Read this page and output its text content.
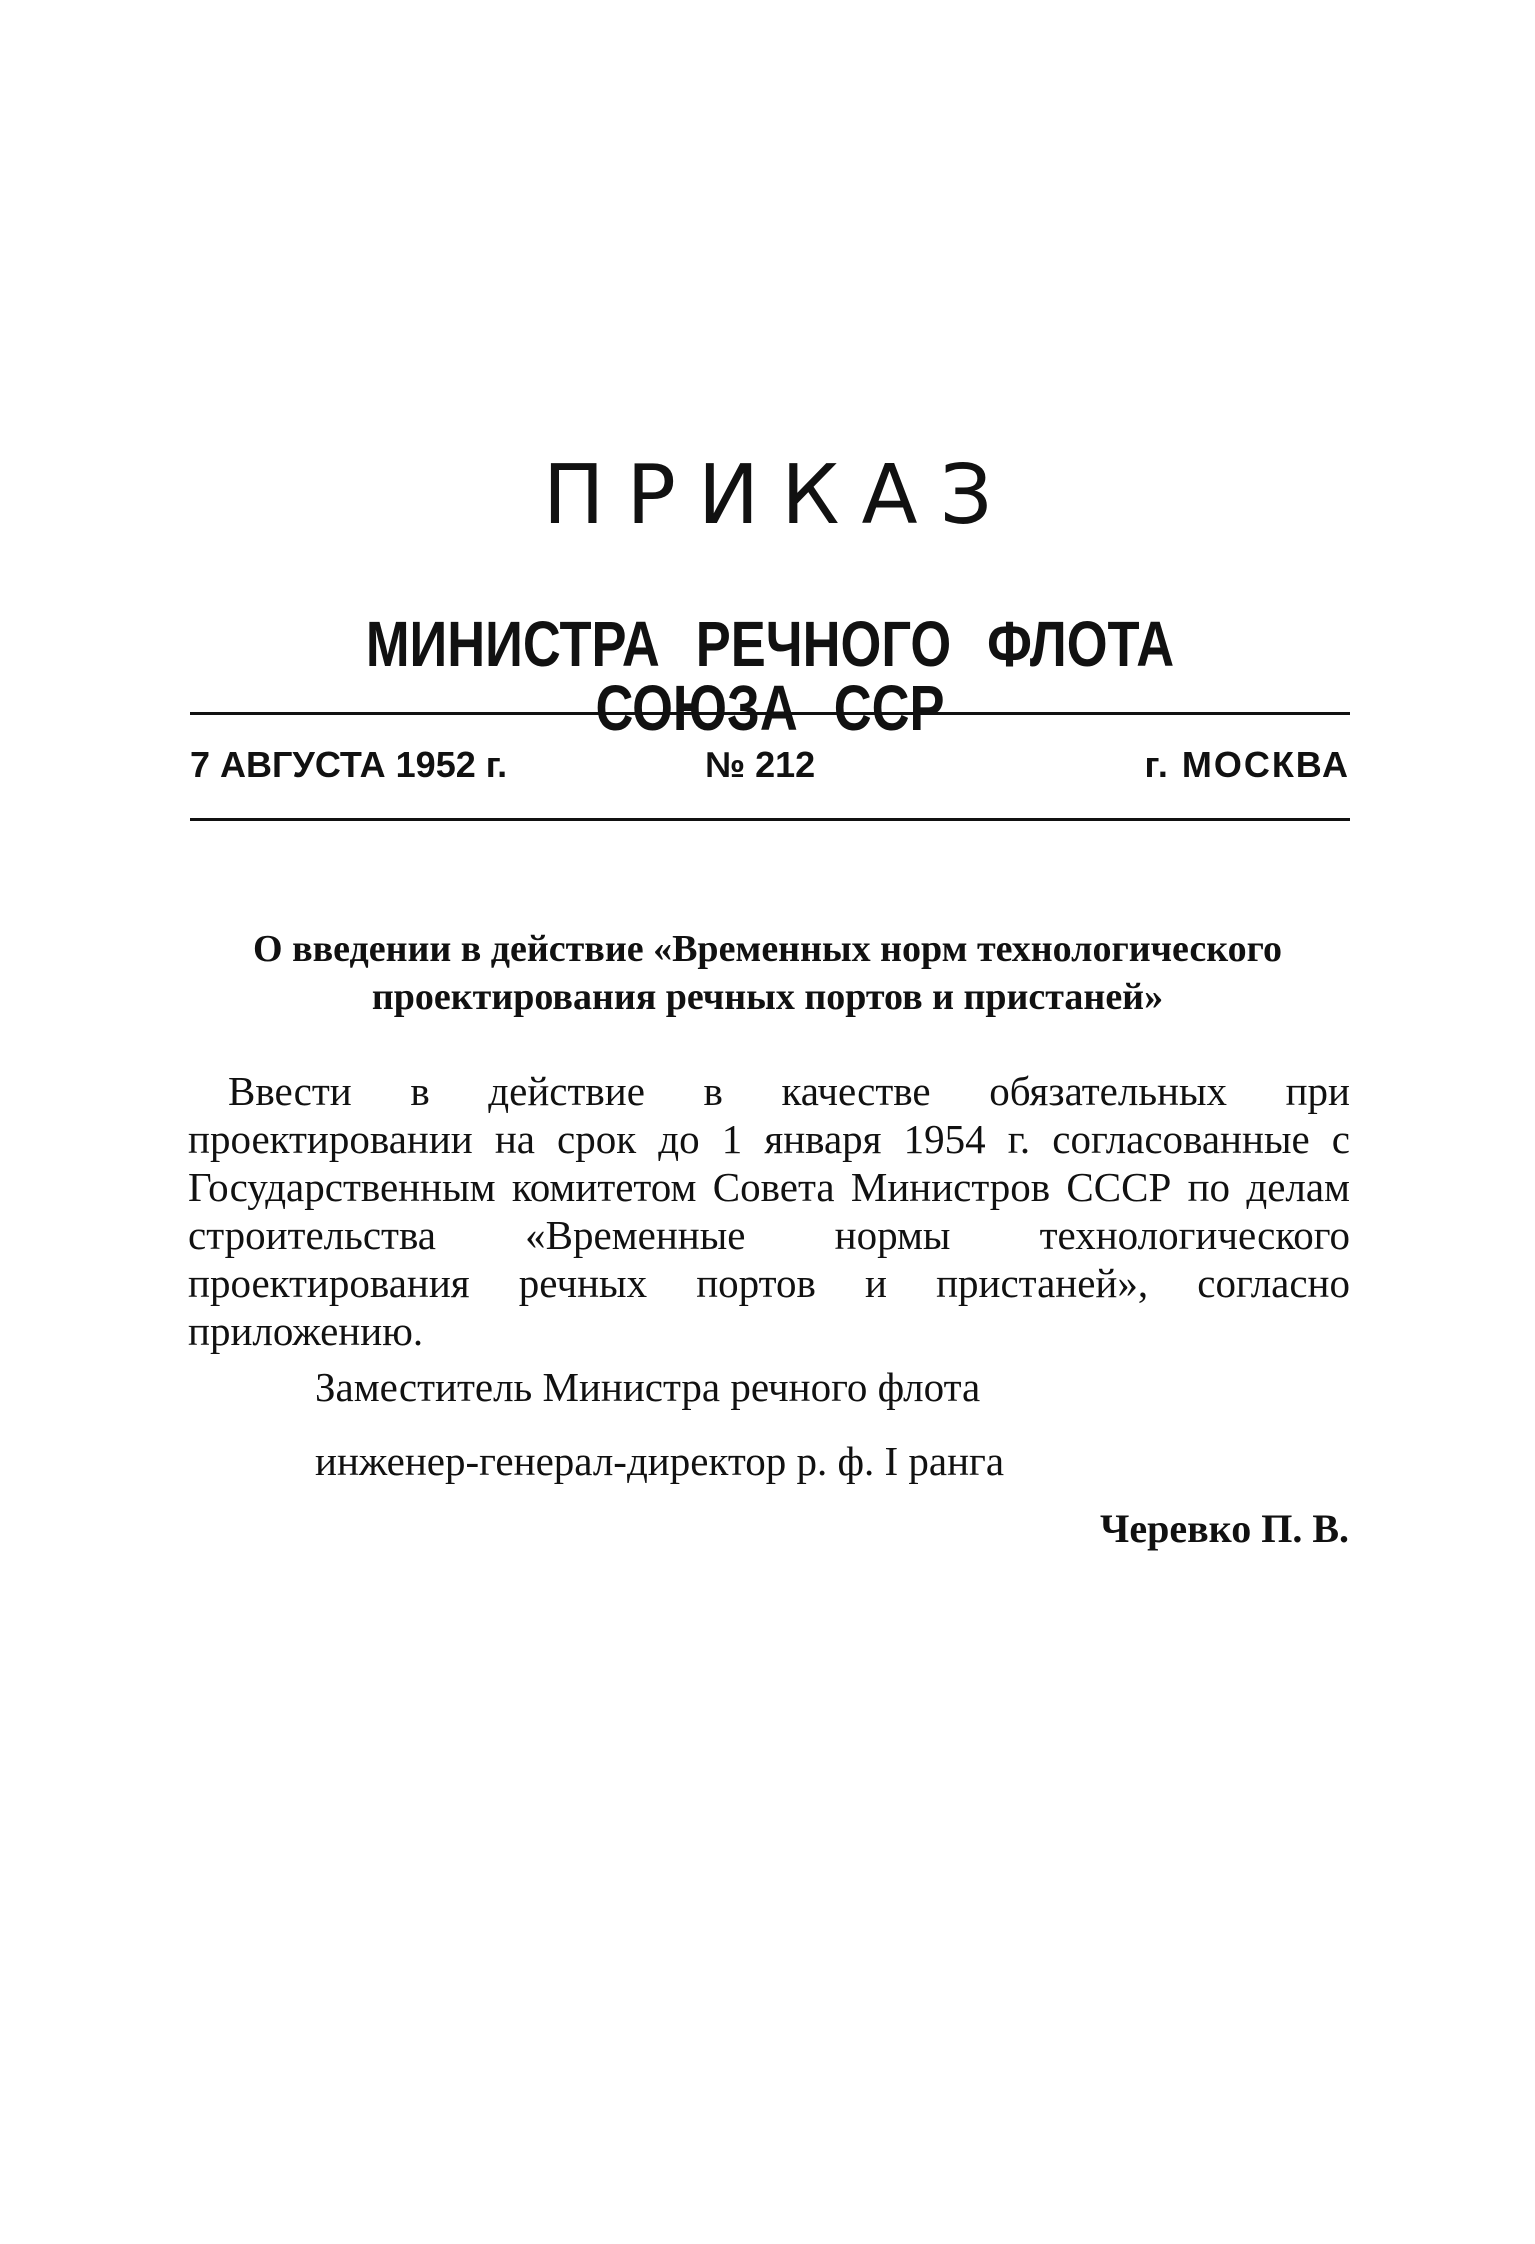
ПРИКАЗ
МИНИСТРА РЕЧНОГО ФЛОТА СОЮЗА ССР
7 АВГУСТА 1952 г.	№ 212	г. МОСКВА
О введении в действие «Временных норм технологического
проектирования речных портов и пристаней»
Ввести в действие в качестве обязательных при проектировании на срок до 1 января 1954 г. согласованные с Государственным комитетом Совета Министров СССР по делам строительства «Временные нормы технологического проектирования речных портов и пристаней», согласно приложению.
Заместитель Министра речного флота
инженер-генерал-директор р. ф. I ранга
Черевко П. В.
